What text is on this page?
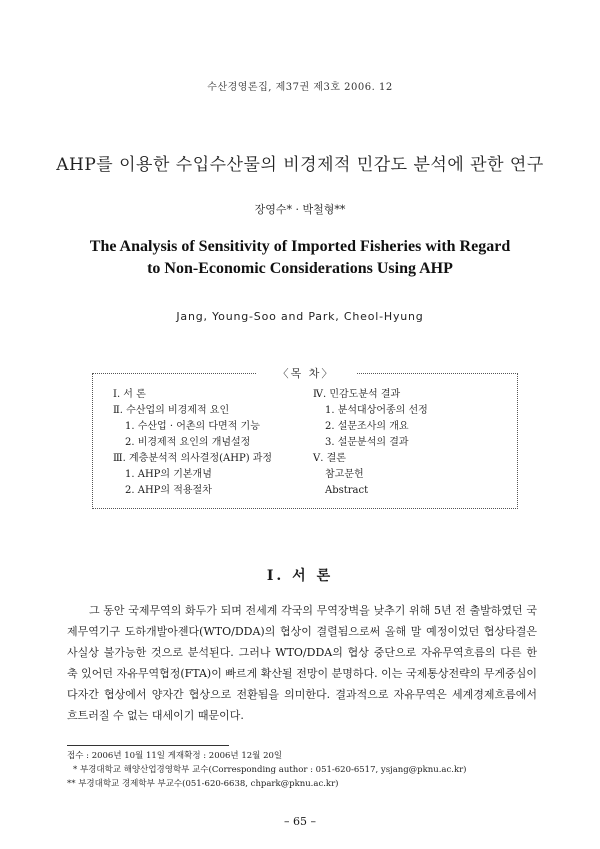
수산경영론집, 제37권 제3호 2006. 12
AHP를 이용한 수입수산물의 비경제적 민감도 분석에 관한 연구
장영수* · 박철형**
The Analysis of Sensitivity of Imported Fisheries with Regard
to Non-Economic Considerations Using AHP
Jang, Young-Soo and Park, Cheol-Hyung
〈목 차〉
Ⅰ. 서 론
Ⅱ. 수산업의 비경제적 요인
1. 수산업 · 어촌의 다면적 기능
2. 비경제적 요인의 개념설정
Ⅲ. 계층분석적 의사결정(AHP) 과정
1. AHP의 기본개념
2. AHP의 적용절차
Ⅳ. 민감도분석 결과
1. 분석대상어종의 선정
2. 설문조사의 개요
3. 설문분석의 결과
Ⅴ. 결론
참고문헌
Abstract
I. 서 론
그 동안 국제무역의 화두가 되며 전세계 각국의 무역장벽을 낮추기 위해 5년 전 출발하였던 국제무역기구 도하개발아젠다(WTO/DDA)의 협상이 결렬됨으로써 올해 말 예정이었던 협상타결은 사실상 불가능한 것으로 분석된다. 그러나 WTO/DDA의 협상 중단으로 자유무역흐름의 다른 한 축 있어던 자유무역협정(FTA)이 빠르게 확산될 전망이 분명하다. 이는 국제통상전략의 무게중심이 다자간 협상에서 양자간 협상으로 전환됨을 의미한다. 결과적으로 자유무역은 세계경제흐름에서 흐트러질 수 없는 대세이기 때문이다.
접수 : 2006년 10월 11일 게재확정 : 2006년 12월 20일
* 부경대학교 해양산업경영학부 교수(Corresponding author : 051-620-6517, ysjang@pknu.ac.kr)
** 부경대학교 경제학부 부교수(051-620-6638, chpark@pknu.ac.kr)
– 65 –
